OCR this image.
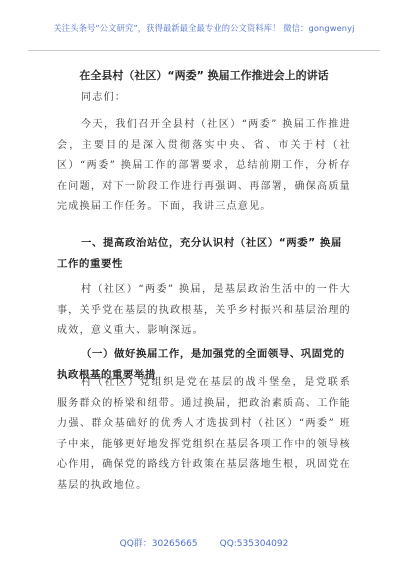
关注头条号“公文研究”，获得最新最全最专业的公文资料库！ 微信：gongwenyj
在全县村（社区）“两委” 换届工作推进会上的讲话
同志们：
今天，我们召开全县村（社区）“两委” 换届工作推进会，主要目的是深入贯彻落实中央、省、市关于村（社区）“两委” 换届工作的部署要求，总结前期工作，分析存在问题，对下一阶段工作进行再强调、再部署，确保高质量完成换届工作任务。下面，我讲三点意见。
一、提高政治站位，充分认识村（社区）“两委” 换届工作的重要性
村（社区）“两委” 换届，是基层政治生活中的一件大事，关乎党在基层的执政根基，关乎乡村振兴和基层治理的成效，意义重大、影响深远。
（一）做好换届工作，是加强党的全面领导、巩固党的执政根基的重要举措
村（社区）党组织是党在基层的战斗堡垒，是党联系服务群众的桥梁和纽带。通过换届，把政治素质高、工作能力强、群众基础好的优秀人才选拔到村（社区）“两委” 班子中来，能够更好地发挥党组织在基层各项工作中的领导核心作用，确保党的路线方针政策在基层落地生根，巩固党在基层的执政地位。
QQ群：30265665 QQ:535304092
